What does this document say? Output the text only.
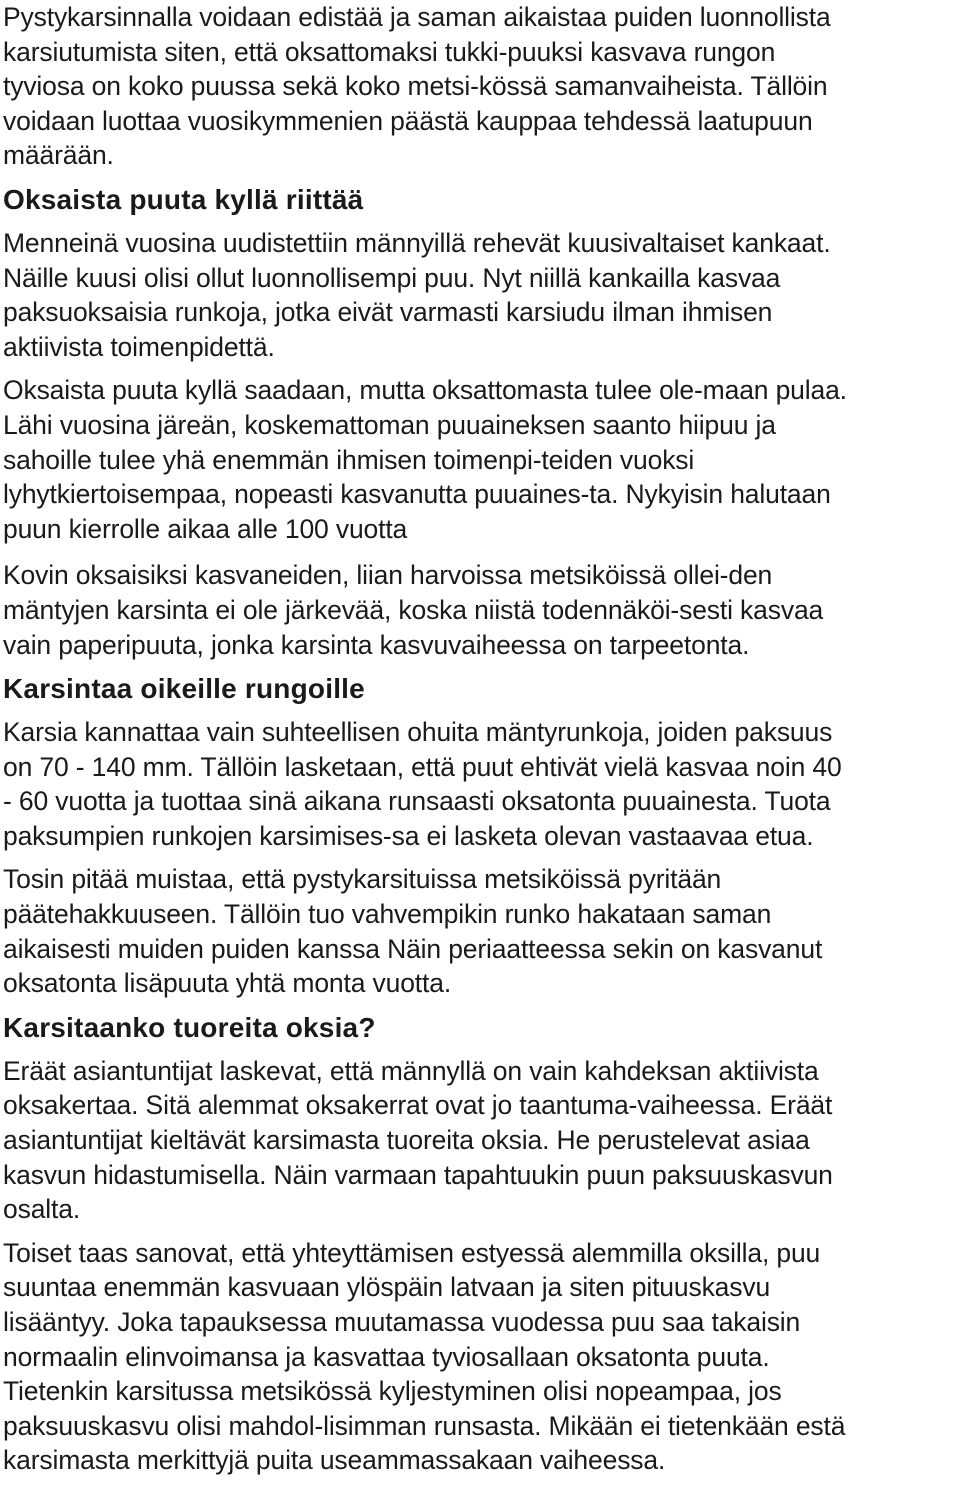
Pystykarsinnalla voidaan edistää ja saman aikaistaa puiden luonnollista
karsiutumista siten, että oksattomaksi tukki-puuksi kasvava rungon
tyviosa on koko puussa sekä koko metsi-kössä samanvaiheista. Tällöin
voidaan luottaa vuosikymmenien päästä kauppaa tehdessä laatupuun
määrään.

Oksaista puuta kyllä riittää

Menneinä vuosina uudistettiin männyillä rehevät kuusivaltaiset kankaat.
Näille kuusi olisi ollut luonnollisempi puu. Nyt niillä kankailla kasvaa
paksuoksaisia runkoja, jotka eivät varmasti karsiudu ilman ihmisen
aktiivista toimenpidettä.

Oksaista puuta kyllä saadaan, mutta oksattomasta tulee ole-maan pulaa.
Lähi vuosina järeän, koskemattoman puuaineksen saanto hiipuu ja
sahoille tulee yhä enemmän ihmisen toimenpi-teiden vuoksi
lyhytkiertoisempaa, nopeasti kasvanutta puuaines-ta. Nykyisin halutaan
puun kierrolle aikaa alle 100 vuotta

Kovin oksaisiksi kasvaneiden, liian harvoissa metsiköissä ollei-den
mäntyjen karsinta ei ole järkevää, koska niistä todennäköi-sesti kasvaa
vain paperipuuta, jonka karsinta kasvuvaiheessa on tarpeetonta.

Karsintaa oikeille rungoille

Karsia kannattaa vain suhteellisen ohuita mäntyrunkoja, joiden paksuus
on 70 - 140 mm. Tällöin lasketaan, että puut ehtivät vielä kasvaa noin 40
- 60 vuotta ja tuottaa sinä aikana runsaasti oksatonta puuainesta. Tuota
paksumpien runkojen karsimises-sa ei lasketa olevan vastaavaa etua.

Tosin pitää muistaa, että pystykarsituissa metsiköissä pyritään
päätehakkuuseen. Tällöin tuo vahvempikin runko hakataan saman
aikaisesti muiden puiden kanssa Näin periaatteessa sekin on kasvanut
oksatonta lisäpuuta yhtä monta vuotta.

Karsitaanko tuoreita oksia?

Eräät asiantuntijat laskevat, että männyllä on vain kahdeksan aktiivista
oksakertaa. Sitä alemmat oksakerrat ovat jo taantuma-vaiheessa. Eräät
asiantuntijat kieltävät karsimasta tuoreita oksia. He perustelevat asiaa
kasvun hidastumisella. Näin varmaan tapahtuukin puun paksuuskasvun
osalta.

Toiset taas sanovat, että yhteyttämisen estyessä alemmilla oksilla, puu
suuntaa enemmän kasvuaan ylöspäin latvaan ja siten pituuskasvu
lisääntyy. Joka tapauksessa muutamassa vuodessa puu saa takaisin
normaalin elinvoimansa ja kasvattaa tyviosallaan oksatonta puuta.
Tietenkin karsitussa metsikössä kyljestyminen olisi nopeampaa, jos
paksuuskasvu olisi mahdol-lisimman runsasta. Mikään ei tietenkään estä
karsimasta merkittyjä puita useammassakaan vaiheessa.
